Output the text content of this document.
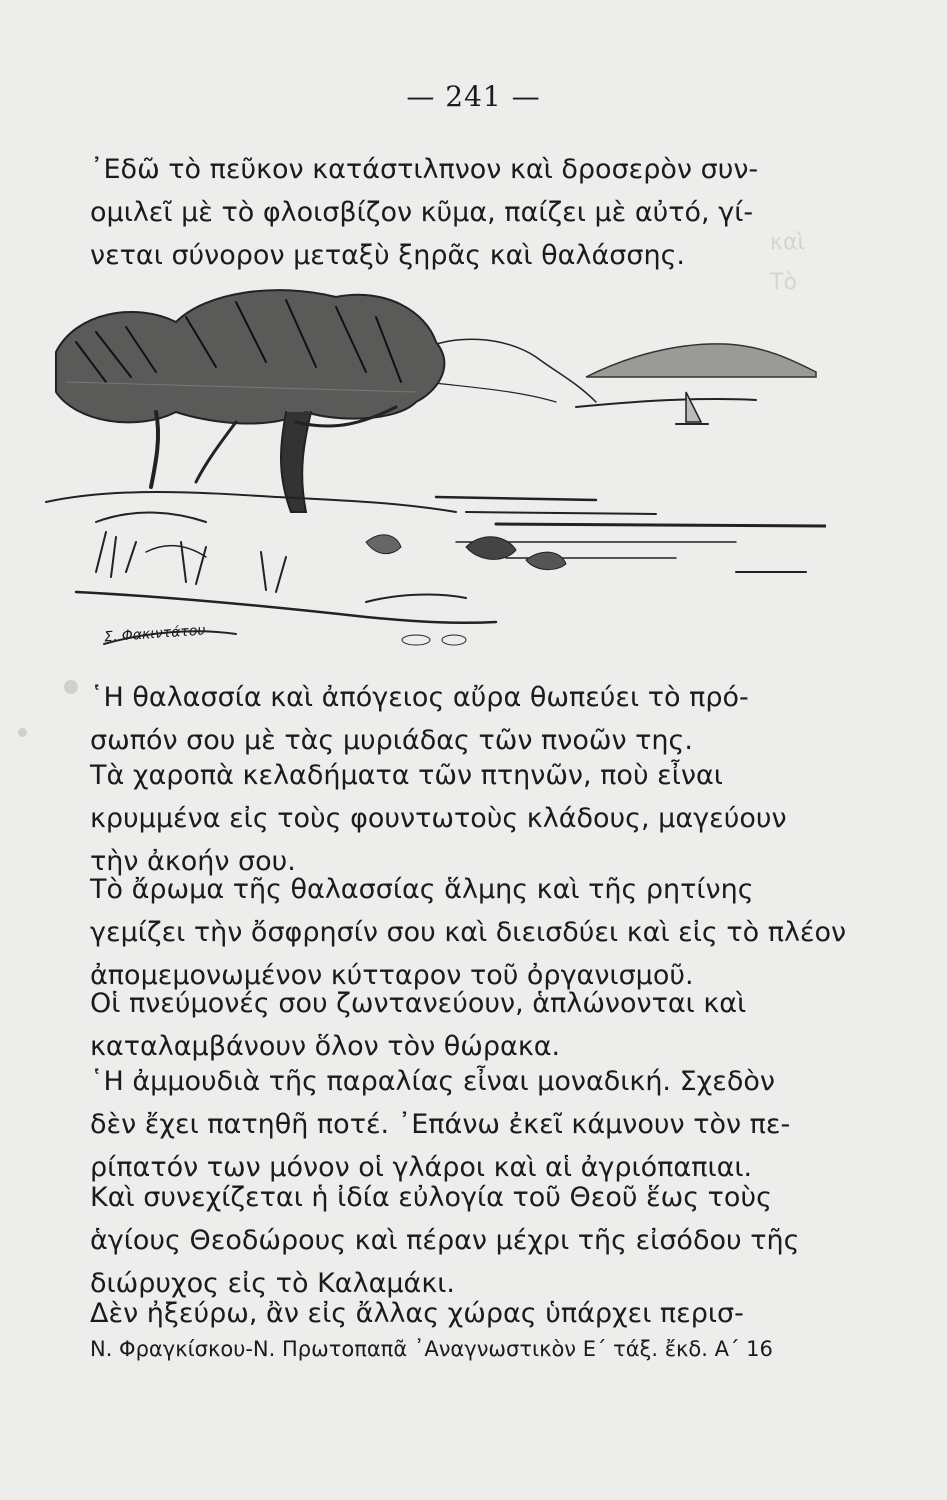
καὶ
Τὸ
— 241 —

᾿Εδῶ τὸ πεῦκον κατάστιλπνον καὶ δροσερὸν συν-
ομιλεῖ μὲ τὸ φλοισβίζον κῦμα, παίζει μὲ αὐτό, γί-
νεται σύνορον μεταξὺ ξηρᾶς καὶ θαλάσσης.

Σ. Φακιντάτου

῾Η θαλασσία καὶ ἀπόγειος αὔρα θωπεύει τὸ πρό-
σωπόν σου μὲ τὰς μυριάδας τῶν πνοῶν της.

Τὰ χαροπὰ κελαδήματα τῶν πτηνῶν, ποὺ εἶναι
κρυμμένα εἰς τοὺς φουντωτοὺς κλάδους, μαγεύουν
τὴν ἀκοήν σου.

Τὸ ἄρωμα τῆς θαλασσίας ἅλμης καὶ τῆς ρητίνης
γεμίζει τὴν ὄσφρησίν σου καὶ διεισδύει καὶ εἰς τὸ πλέον
ἀπομεμονωμένον κύτταρον τοῦ ὀργανισμοῦ.

Οἱ πνεύμονές σου ζωντανεύουν, ἁπλώνονται καὶ
καταλαμβάνουν ὅλον τὸν θώρακα.

῾Η ἀμμουδιὰ τῆς παραλίας εἶναι μοναδική. Σχεδὸν
δὲν ἔχει πατηθῆ ποτέ. ᾿Επάνω ἐκεῖ κάμνουν τὸν πε-
ρίπατόν των μόνον οἱ γλάροι καὶ αἱ ἀγριόπαπιαι.

Καὶ συνεχίζεται ἡ ἰδία εὐλογία τοῦ Θεοῦ ἕως τοὺς
ἁγίους Θεοδώρους καὶ πέραν μέχρι τῆς εἰσόδου τῆς
διώρυχος εἰς τὸ Καλαμάκι.

Δὲν ἠξεύρω, ἂν εἰς ἄλλας χώρας ὑπάρχει περισ-

Ν. Φραγκίσκου-Ν. Πρωτοπαπᾶ ᾿Αναγνωστικὸν Ε΄ τάξ. ἔκδ. Α΄ 16
